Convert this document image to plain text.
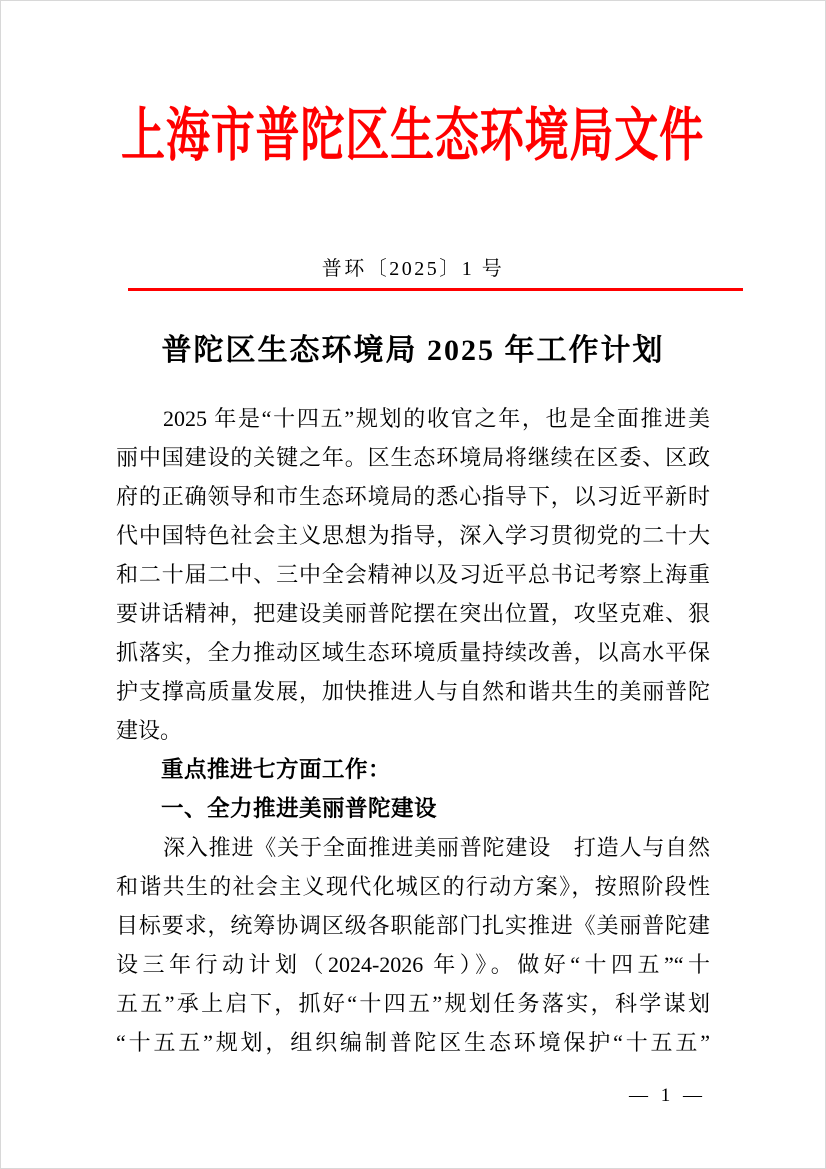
上海市普陀区生态环境局文件
普环〔2025〕1 号
普陀区生态环境局 2025 年工作计划
2025 年是“十四五”规划的收官之年，也是全面推进美
丽中国建设的关键之年。区生态环境局将继续在区委、区政
府的正确领导和市生态环境局的悉心指导下，以习近平新时
代中国特色社会主义思想为指导，深入学习贯彻党的二十大
和二十届二中、三中全会精神以及习近平总书记考察上海重
要讲话精神，把建设美丽普陀摆在突出位置，攻坚克难、狠
抓落实，全力推动区域生态环境质量持续改善，以高水平保
护支撑高质量发展，加快推进人与自然和谐共生的美丽普陀
建设。
重点推进七方面工作：
一、全力推进美丽普陀建设
深入推进《关于全面推进美丽普陀建设　打造人与自然
和谐共生的社会主义现代化城区的行动方案》，按照阶段性
目标要求，统筹协调区级各职能部门扎实推进《美丽普陀建
设三年行动计划（2024-2026 年）》。做好“十四五”“十
五五”承上启下，抓好“十四五”规划任务落实，科学谋划
“十五五”规划，组织编制普陀区生态环境保护“十五五”
— 1 —
